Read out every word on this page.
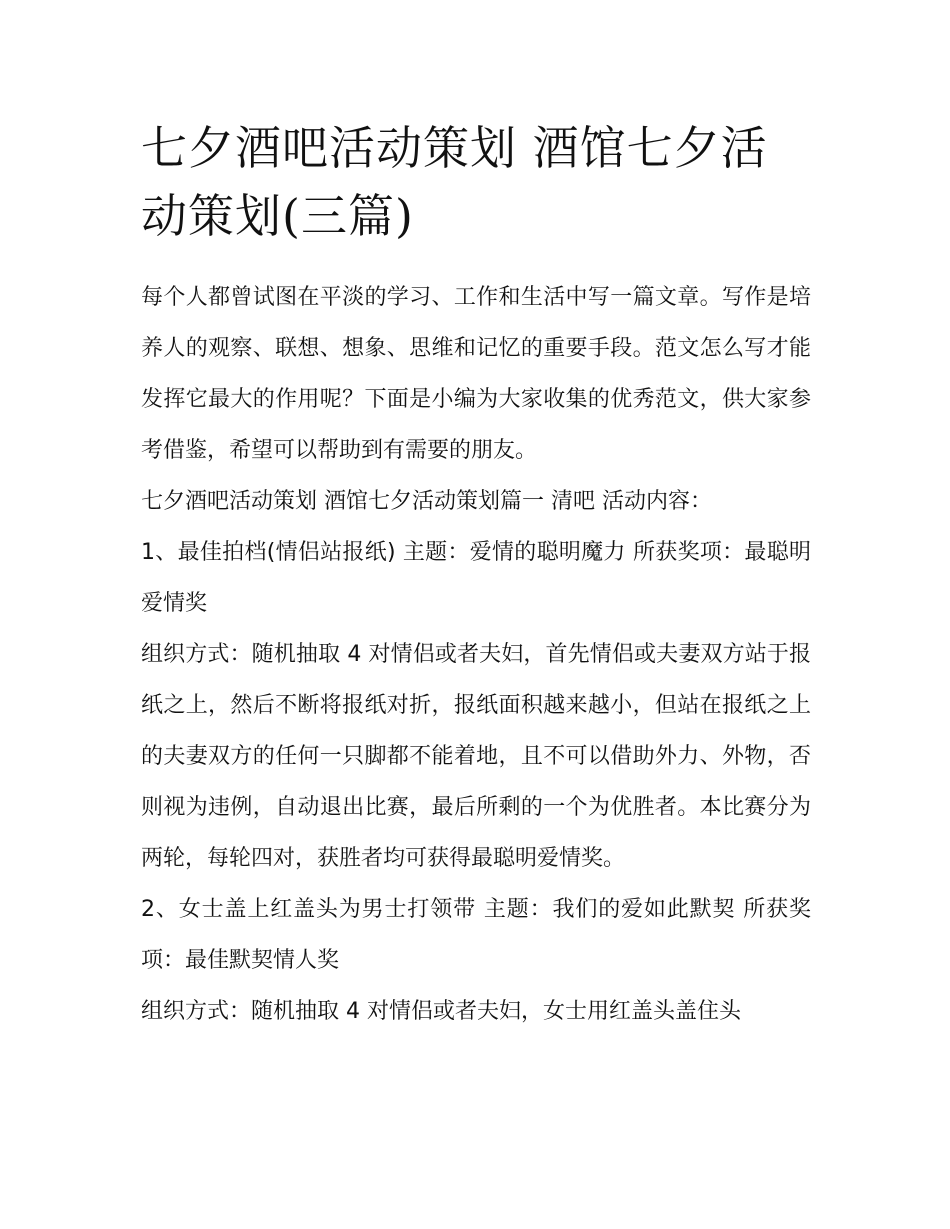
七夕酒吧活动策划 酒馆七夕活动策划(三篇)

每个人都曾试图在平淡的学习、工作和生活中写一篇文章。写作是培养人的观察、联想、想象、思维和记忆的重要手段。范文怎么写才能发挥它最大的作用呢？下面是小编为大家收集的优秀范文，供大家参考借鉴，希望可以帮助到有需要的朋友。

七夕酒吧活动策划 酒馆七夕活动策划篇一 清吧 活动内容：

1、最佳拍档(情侣站报纸) 主题：爱情的聪明魔力 所获奖项：最聪明爱情奖

组织方式：随机抽取 4 对情侣或者夫妇，首先情侣或夫妻双方站于报纸之上，然后不断将报纸对折，报纸面积越来越小，但站在报纸之上的夫妻双方的任何一只脚都不能着地，且不可以借助外力、外物，否则视为违例，自动退出比赛，最后所剩的一个为优胜者。本比赛分为两轮，每轮四对，获胜者均可获得最聪明爱情奖。

2、女士盖上红盖头为男士打领带 主题：我们的爱如此默契 所获奖项：最佳默契情人奖

组织方式：随机抽取 4 对情侣或者夫妇，女士用红盖头盖住头
